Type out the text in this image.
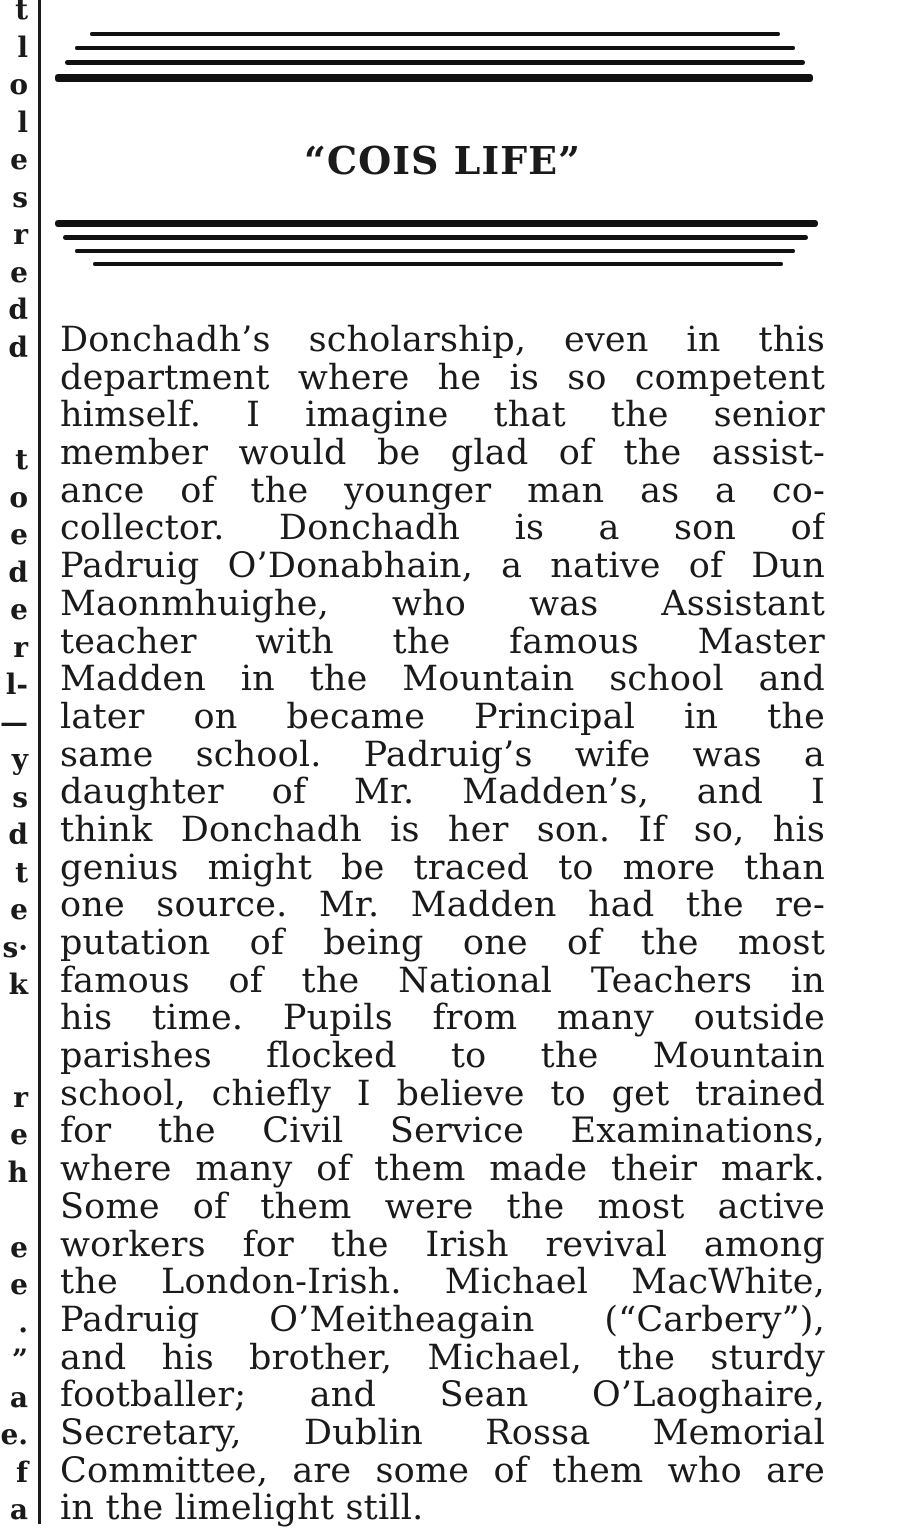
t
l
o
l
e
s
r
e
d
d
t
o
e
d
e
r
l-
—
y
s
d
t
e
s·
k
r
e
h
e
e
.
”
a
e.
f
a
“COIS LIFE”
Donchadh’s scholarship, even in this
department where he is so competent
himself. I imagine that the senior
member would be glad of the assist-
ance of the younger man as a co-
collector. Donchadh is a son of
Padruig O’Donabhain, a native of Dun
Maonmhuighe, who was Assistant
teacher with the famous Master
Madden in the Mountain school and
later on became Principal in the
same school. Padruig’s wife was a
daughter of Mr. Madden’s, and I
think Donchadh is her son. If so, his
genius might be traced to more than
one source. Mr. Madden had the re-
putation of being one of the most
famous of the National Teachers in
his time. Pupils from many outside
parishes flocked to the Mountain
school, chiefly I believe to get trained
for the Civil Service Examinations,
where many of them made their mark.
Some of them were the most active
workers for the Irish revival among
the London-Irish. Michael MacWhite,
Padruig O’Meitheagain (“Carbery”),
and his brother, Michael, the sturdy
footballer; and Sean O’Laoghaire,
Secretary, Dublin Rossa Memorial
Committee, are some of them who are
in the limelight still.
